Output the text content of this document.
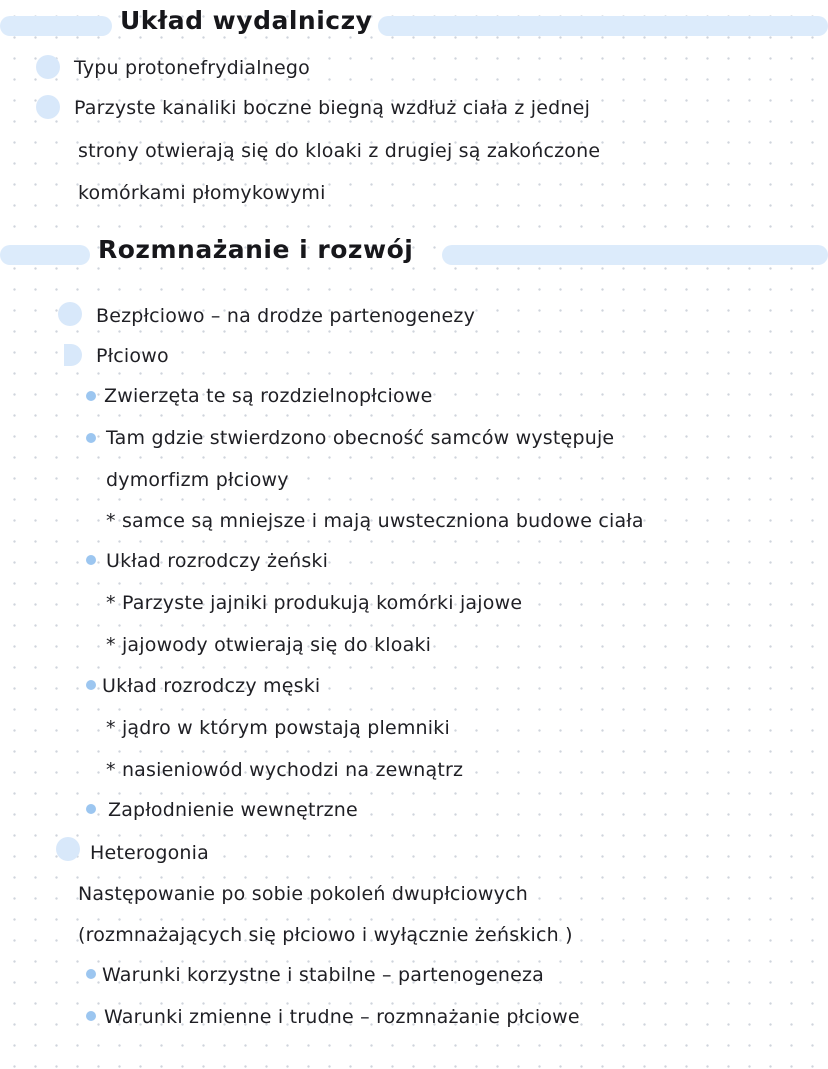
Układ wydalniczy
Typu protonefrydialnego
Parzyste kanaliki boczne biegną wzdłuż ciała z jednej
strony otwierają się do kloaki z drugiej są zakończone
komórkami płomykowymi
Rozmnażanie i rozwój
Bezpłciowo – na drodze partenogenezy
Płciowo
Zwierzęta te są rozdzielnopłciowe
Tam gdzie stwierdzono obecność samców występuje
dymorfizm płciowy
* samce są mniejsze i mają uwsteczniona budowe ciała
Układ rozrodczy żeński
* Parzyste jajniki produkują komórki jajowe
* jajowody otwierają się do kloaki
Układ rozrodczy męski
* jądro w którym powstają plemniki
* nasieniowód wychodzi na zewnątrz
Zapłodnienie wewnętrzne
Heterogonia
Następowanie po sobie pokoleń dwupłciowych
(rozmnażających się płciowo i wyłącznie żeńskich )
Warunki korzystne i stabilne – partenogeneza
Warunki zmienne i trudne – rozmnażanie płciowe
